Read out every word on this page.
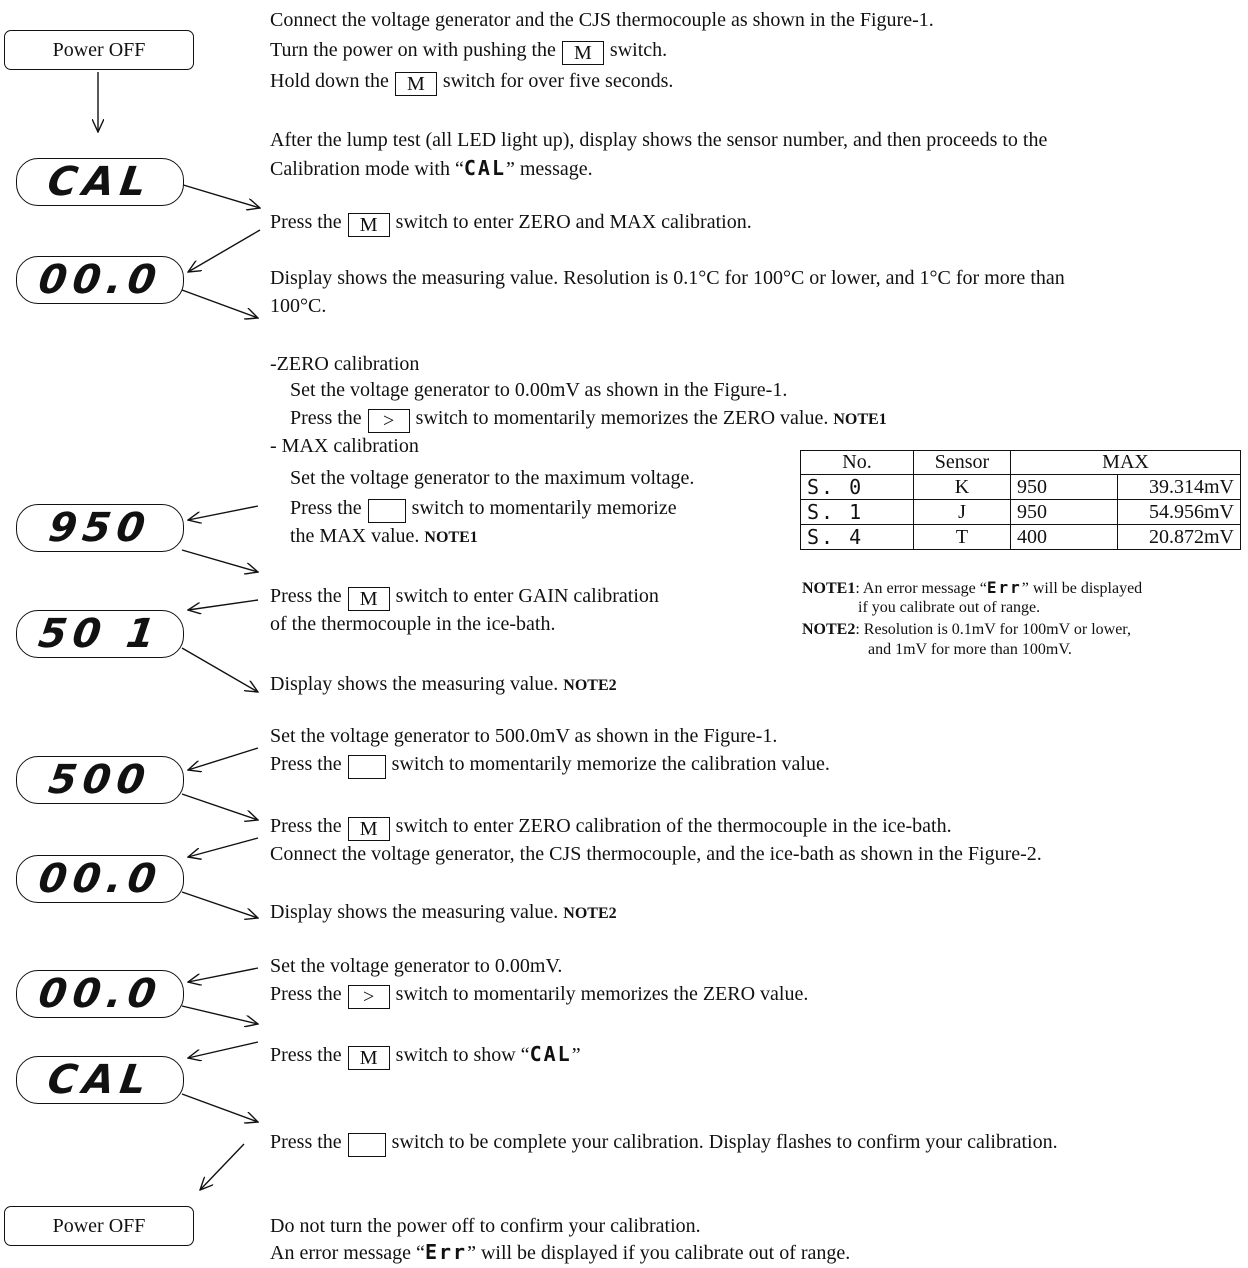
Power OFF
CAL
00.0
950
50 1
500
00.0
00.0
CAL
Power OFF
Connect the voltage generator and the CJS thermocouple as shown in the Figure-1.
Turn the power on with pushing the M switch.
Hold down the M switch for over five seconds.
After the lump test (all LED light up), display shows the sensor number, and then proceeds to the
Calibration mode with “CAL” message.
Press the M switch to enter ZERO and MAX calibration.
Display shows the measuring value. Resolution is 0.1°C for 100°C or lower, and 1°C for more than
100°C.
-ZERO calibration
Set the voltage generator to 0.00mV as shown in the Figure-1.
Press the > switch to momentarily memorizes the ZERO value. NOTE1
- MAX calibration
Set the voltage generator to the maximum voltage.
Press the	switch to momentarily memorize
the MAX value. NOTE1
Press the M switch to enter GAIN calibration
of the thermocouple in the ice-bath.
Display shows the measuring value. NOTE2
Set the voltage generator to 500.0mV as shown in the Figure-1.
Press the	switch to momentarily memorize the calibration value.
Press the M switch to enter ZERO calibration of the thermocouple in the ice-bath.
Connect the voltage generator, the CJS thermocouple, and the ice-bath as shown in the Figure-2.
Display shows the measuring value. NOTE2
Set the voltage generator to 0.00mV.
Press the > switch to momentarily memorizes the ZERO value.
Press the M switch to show “CAL”
Press the	switch to be complete your calibration. Display flashes to confirm your calibration.
Do not turn the power off to confirm your calibration.
An error message “Err” will be displayed if you calibrate out of range.
No.	Sensor	MAX	
S. 0	K	950	39.314mV
S. 1	J	950	54.956mV
S. 4	T	400	20.872mV
NOTE1: An error message “Err” will be displayed
if you calibrate out of range.
NOTE2: Resolution is 0.1mV for 100mV or lower,
and 1mV for more than 100mV.
